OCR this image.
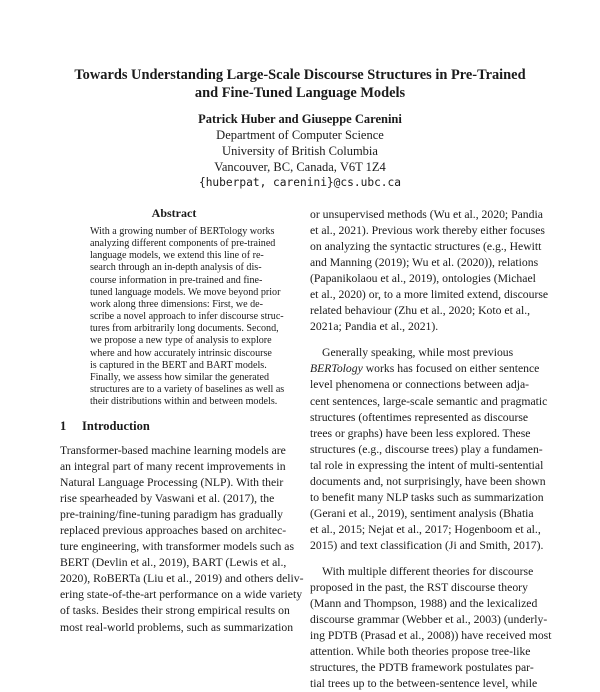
Towards Understanding Large-Scale Discourse Structures in Pre-Trained
and Fine-Tuned Language Models
Patrick Huber and Giuseppe Carenini
Department of Computer Science
University of British Columbia
Vancouver, BC, Canada, V6T 1Z4
{huberpat, carenini}@cs.ubc.ca
Abstract
With a growing number of BERTology works
analyzing different components of pre-trained
language models, we extend this line of re-
search through an in-depth analysis of dis-
course information in pre-trained and fine-
tuned language models. We move beyond prior
work along three dimensions: First, we de-
scribe a novel approach to infer discourse struc-
tures from arbitrarily long documents. Second,
we propose a new type of analysis to explore
where and how accurately intrinsic discourse
is captured in the BERT and BART models.
Finally, we assess how similar the generated
structures are to a variety of baselines as well as
their distributions within and between models.
1 Introduction
Transformer-based machine learning models are
an integral part of many recent improvements in
Natural Language Processing (NLP). With their
rise spearheaded by Vaswani et al. (2017), the
pre-training/fine-tuning paradigm has gradually
replaced previous approaches based on architec-
ture engineering, with transformer models such as
BERT (Devlin et al., 2019), BART (Lewis et al.,
2020), RoBERTa (Liu et al., 2019) and others deliv-
ering state-of-the-art performance on a wide variety
of tasks. Besides their strong empirical results on
most real-world problems, such as summarization
or unsupervised methods (Wu et al., 2020; Pandia
et al., 2021). Previous work thereby either focuses
on analyzing the syntactic structures (e.g., Hewitt
and Manning (2019); Wu et al. (2020)), relations
(Papanikolaou et al., 2019), ontologies (Michael
et al., 2020) or, to a more limited extend, discourse
related behaviour (Zhu et al., 2020; Koto et al.,
2021a; Pandia et al., 2021).
Generally speaking, while most previous
BERTology works has focused on either sentence
level phenomena or connections between adja-
cent sentences, large-scale semantic and pragmatic
structures (oftentimes represented as discourse
trees or graphs) have been less explored. These
structures (e.g., discourse trees) play a fundamen-
tal role in expressing the intent of multi-sentential
documents and, not surprisingly, have been shown
to benefit many NLP tasks such as summarization
(Gerani et al., 2019), sentiment analysis (Bhatia
et al., 2015; Nejat et al., 2017; Hogenboom et al.,
2015) and text classification (Ji and Smith, 2017).
With multiple different theories for discourse
proposed in the past, the RST discourse theory
(Mann and Thompson, 1988) and the lexicalized
discourse grammar (Webber et al., 2003) (underly-
ing PDTB (Prasad et al., 2008)) have received most
attention. While both theories propose tree-like
structures, the PDTB framework postulates par-
tial trees up to the between-sentence level, while
